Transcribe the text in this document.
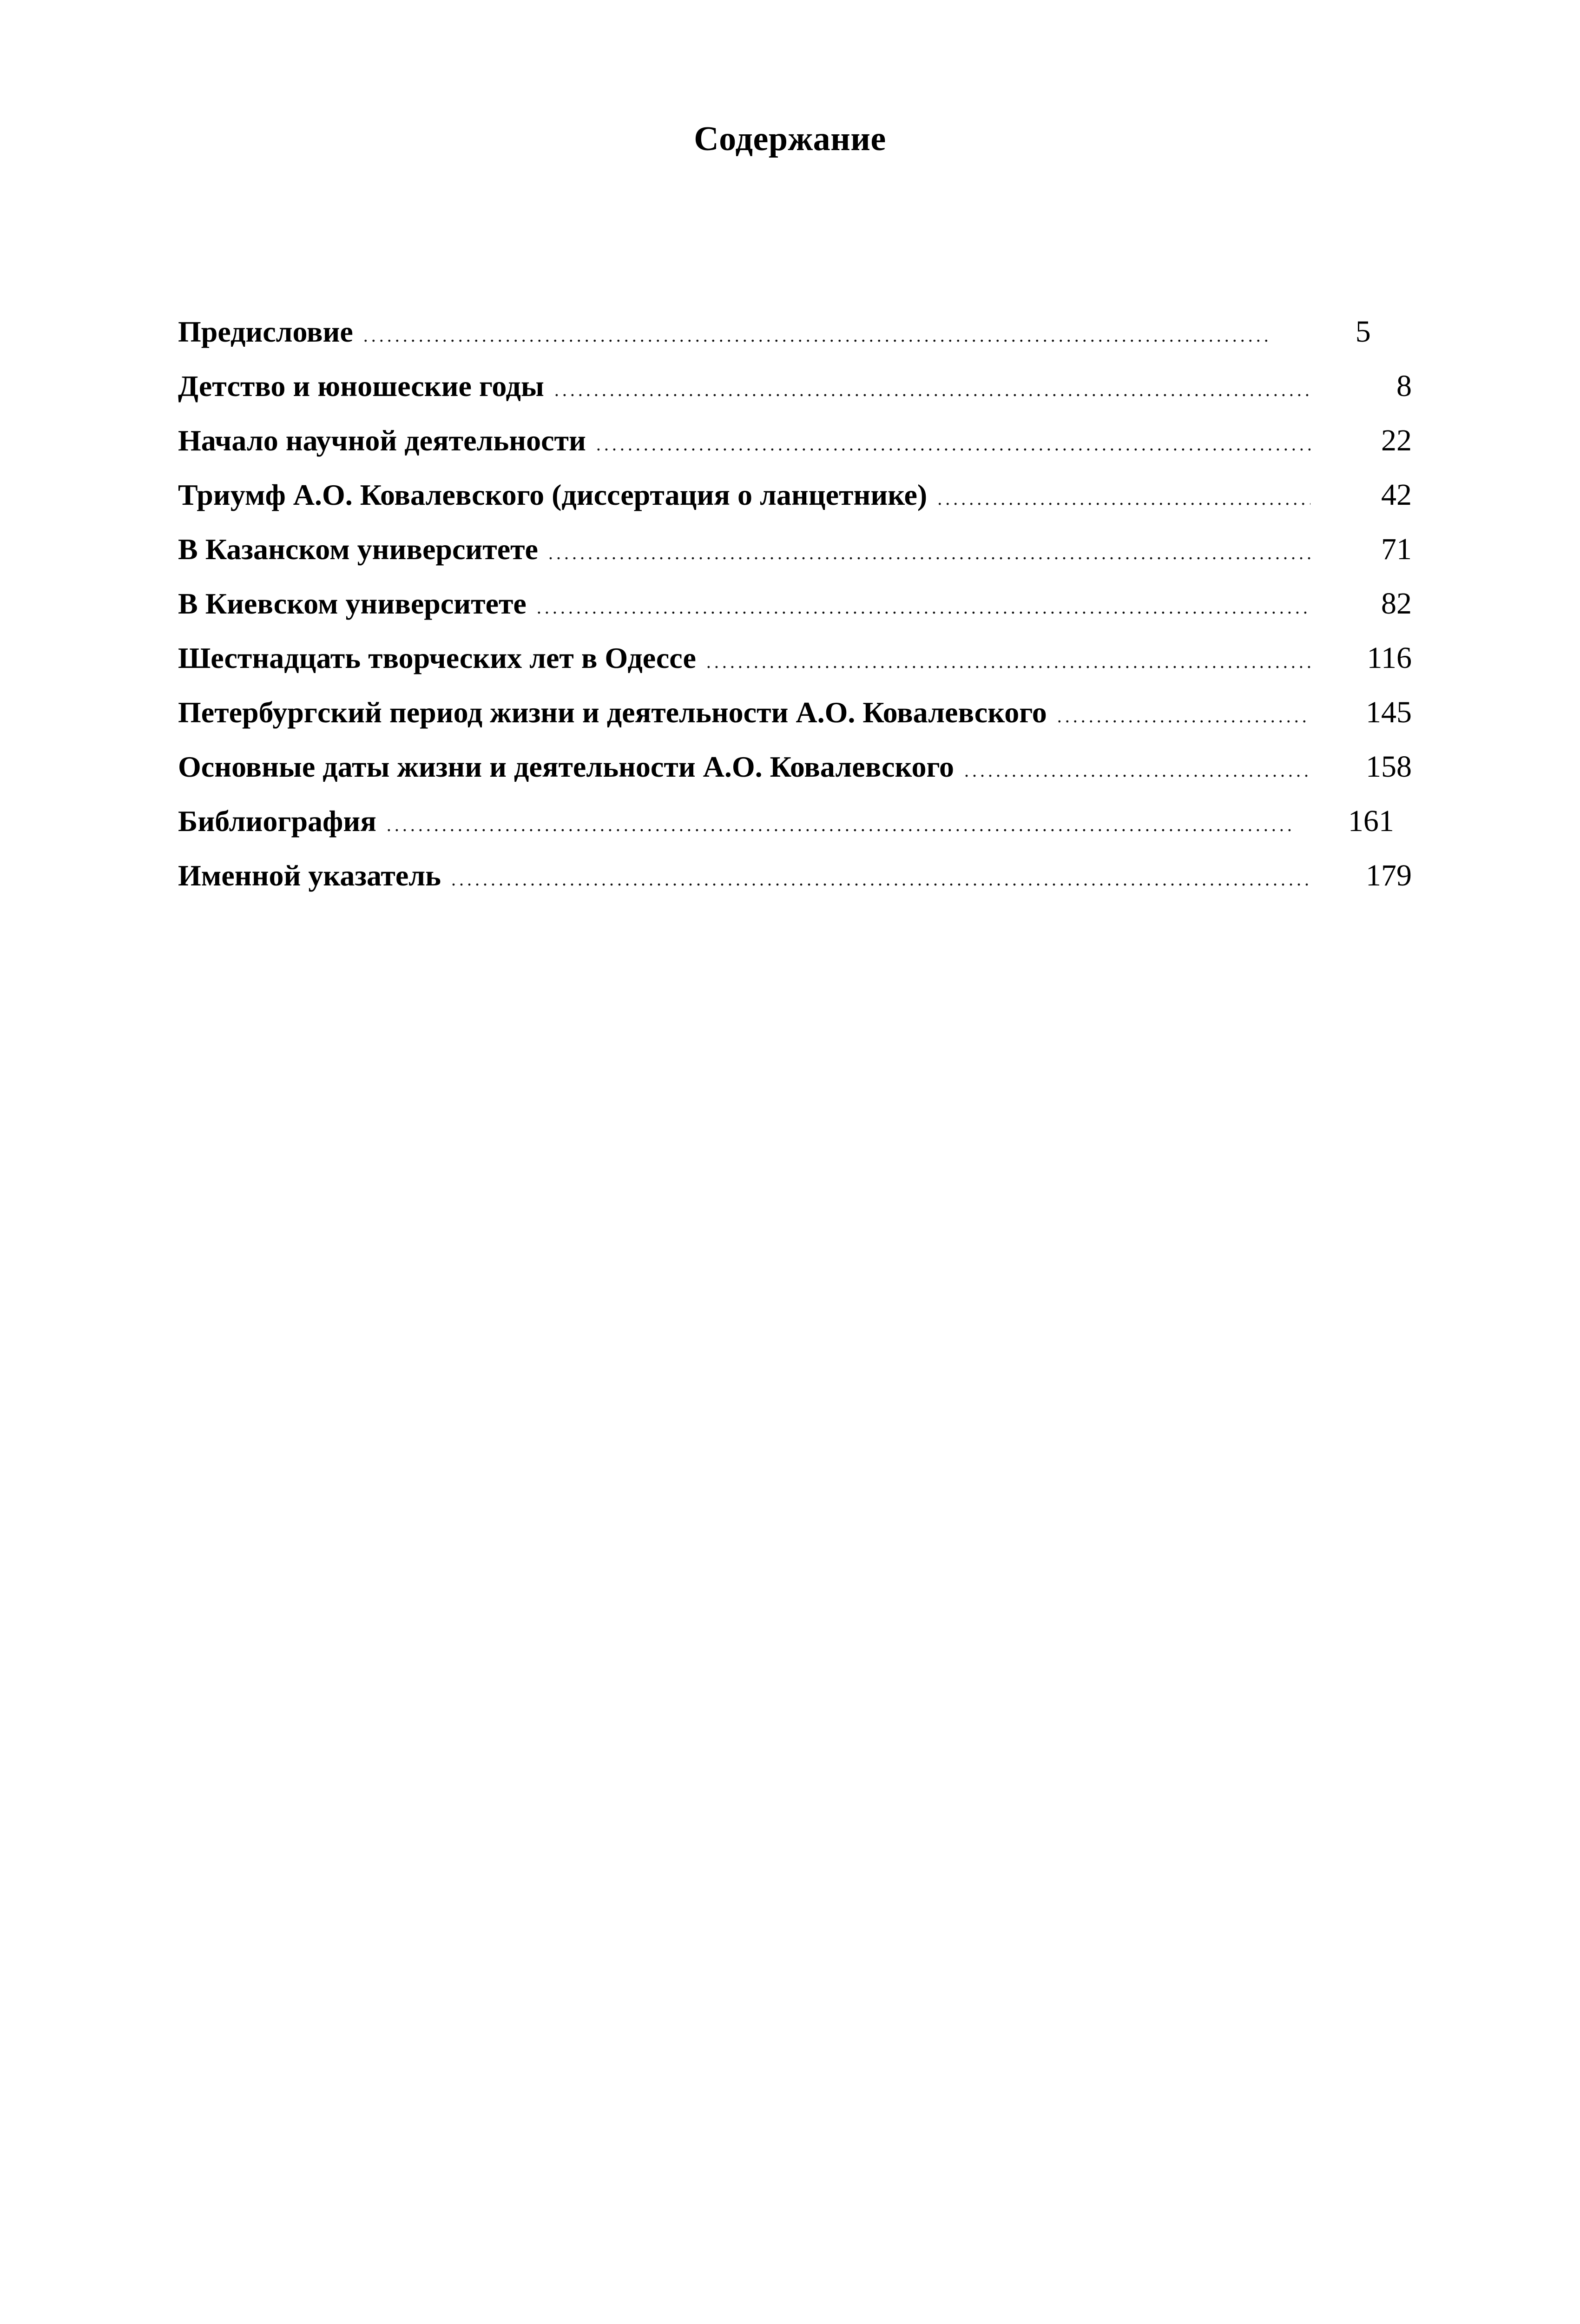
Содержание
Предисловие .....	5
Детство и юношеские годы .....	8
Начало научной деятельности .....	22
Триумф А.О. Ковалевского (диссертация о ланцетнике) .....	42
В Казанском университете .....	71
В Киевском университете .....	82
Шестнадцать творческих лет в Одессе .....	116
Петербургский период жизни и деятельности А.О. Ковалевского .....	145
Основные даты жизни и деятельности А.О. Ковалевского .....	158
Библиография .....	161
Именной указатель .....	179
